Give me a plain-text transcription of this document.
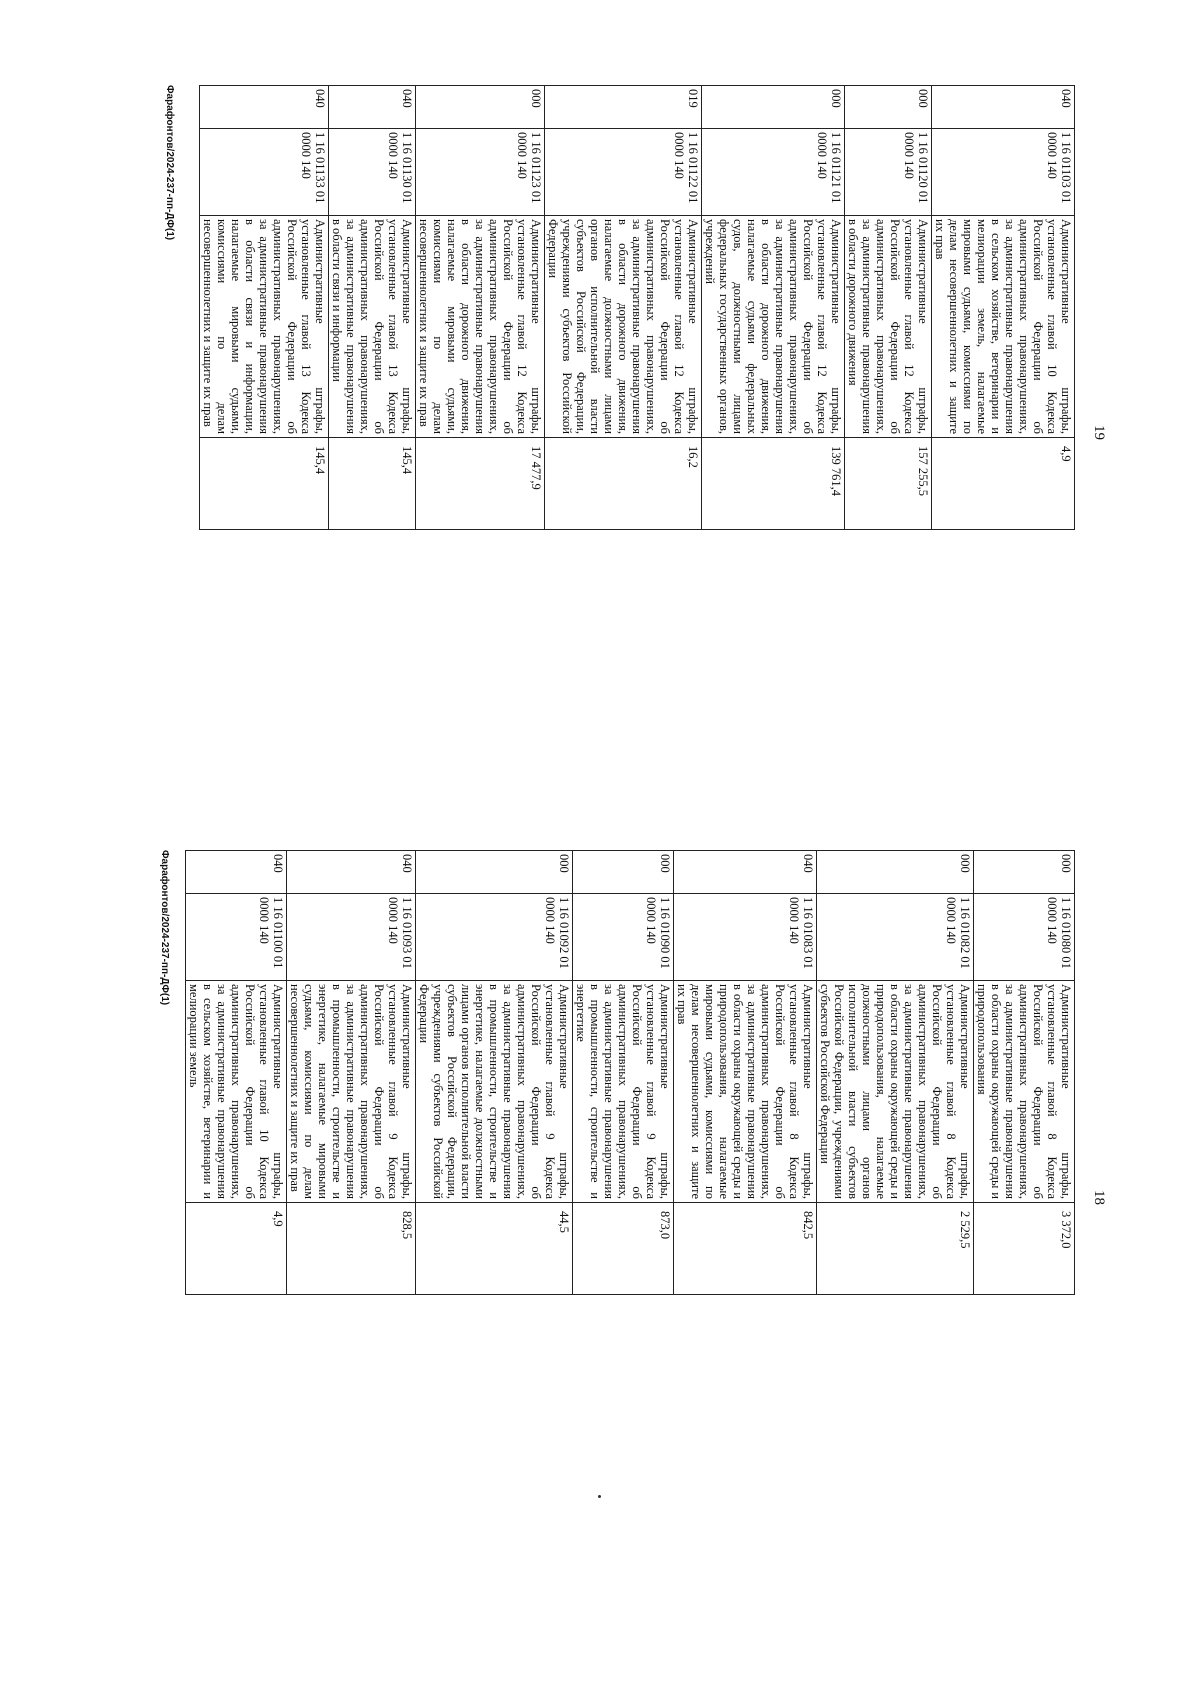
19
040	1 16 01103 01 0000 140	Административные штрафы, установленные главой 10 Кодекса Российской Федерации об административных правонарушениях, за административные правонарушения в сельском хозяйстве, ветеринарии и мелиорации земель, налагаемые мировыми судьями, комиссиями по делам несовершеннолетних и защите их прав	4,9
000	1 16 01120 01 0000 140	Административные штрафы, установленные главой 12 Кодекса Российской Федерации об административных правонарушениях, за административные правонарушения в области дорожного движения	157 255,5
000	1 16 01121 01 0000 140	Административные штрафы, установленные главой 12 Кодекса Российской Федерации об административных правонарушениях, за административные правонарушения в области дорожного движения, налагаемые судьями федеральных судов, должностными лицами федеральных государственных органов, учреждений	139 761,4
019	1 16 01122 01 0000 140	Административные штрафы, установленные главой 12 Кодекса Российской Федерации об административных правонарушениях, за административные правонарушения в области дорожного движения, налагаемые должностными лицами органов исполнительной власти субъектов Российской Федерации, учреждениями субъектов Российской Федерации	16,2
000	1 16 01123 01 0000 140	Административные штрафы, установленные главой 12 Кодекса Российской Федерации об административных правонарушениях, за административные правонарушения в области дорожного движения, налагаемые мировыми судьями, комиссиями по делам несовершеннолетних и защите их прав	17 477,9
040	1 16 01130 01 0000 140	Административные штрафы, установленные главой 13 Кодекса Российской Федерации об административных правонарушениях, за административные правонарушения в области связи и информации	145,4
040	1 16 01133 01 0000 140	Административные штрафы, установленные главой 13 Кодекса Российской Федерации об административных правонарушениях, за административные правонарушения в области связи и информации, налагаемые мировыми судьями, комиссиями по делам несовершеннолетних и защите их прав	145,4
Фарафонтов/2024-237-пп-ДФ(1)
18
000	1 16 01080 01 0000 140	Административные штрафы, установленные главой 8 Кодекса Российской Федерации об административных правонарушениях, за административные правонарушения в области охраны окружающей среды и природопользования	3 372,0
000	1 16 01082 01 0000 140	Административные штрафы, установленные главой 8 Кодекса Российской Федерации об административных правонарушениях, за административные правонарушения в области охраны окружающей среды и природопользования, налагаемые должностными лицами органов исполнительной власти субъектов Российской Федерации, учреждениями субъектов Российской Федерации	2 529,5
040	1 16 01083 01 0000 140	Административные штрафы, установленные главой 8 Кодекса Российской Федерации об административных правонарушениях, за административные правонарушения в области охраны окружающей среды и природопользования, налагаемые мировыми судьями, комиссиями по делам несовершеннолетних и защите их прав	842,5
000	1 16 01090 01 0000 140	Административные штрафы, установленные главой 9 Кодекса Российской Федерации об административных правонарушениях, за административные правонарушения в промышленности, строительстве и энергетике	873,0
000	1 16 01092 01 0000 140	Административные штрафы, установленные главой 9 Кодекса Российской Федерации об административных правонарушениях, за административные правонарушения в промышленности, строительстве и энергетике, налагаемые должностными лицами органов исполнительной власти субъектов Российской Федерации, учреждениями субъектов Российской Федерации	44,5
040	1 16 01093 01 0000 140	Административные штрафы, установленные главой 9 Кодекса Российской Федерации об административных правонарушениях, за административные правонарушения в промышленности, строительстве и энергетике, налагаемые мировыми судьями, комиссиями по делам несовершеннолетних и защите их прав	828,5
040	1 16 01100 01 0000 140	Административные штрафы, установленные главой 10 Кодекса Российской Федерации об административных правонарушениях, за административные правонарушения в сельском хозяйстве, ветеринарии и мелиорации земель	4,9
Фарафонтов/2024-237-пп-ДФ(1)
